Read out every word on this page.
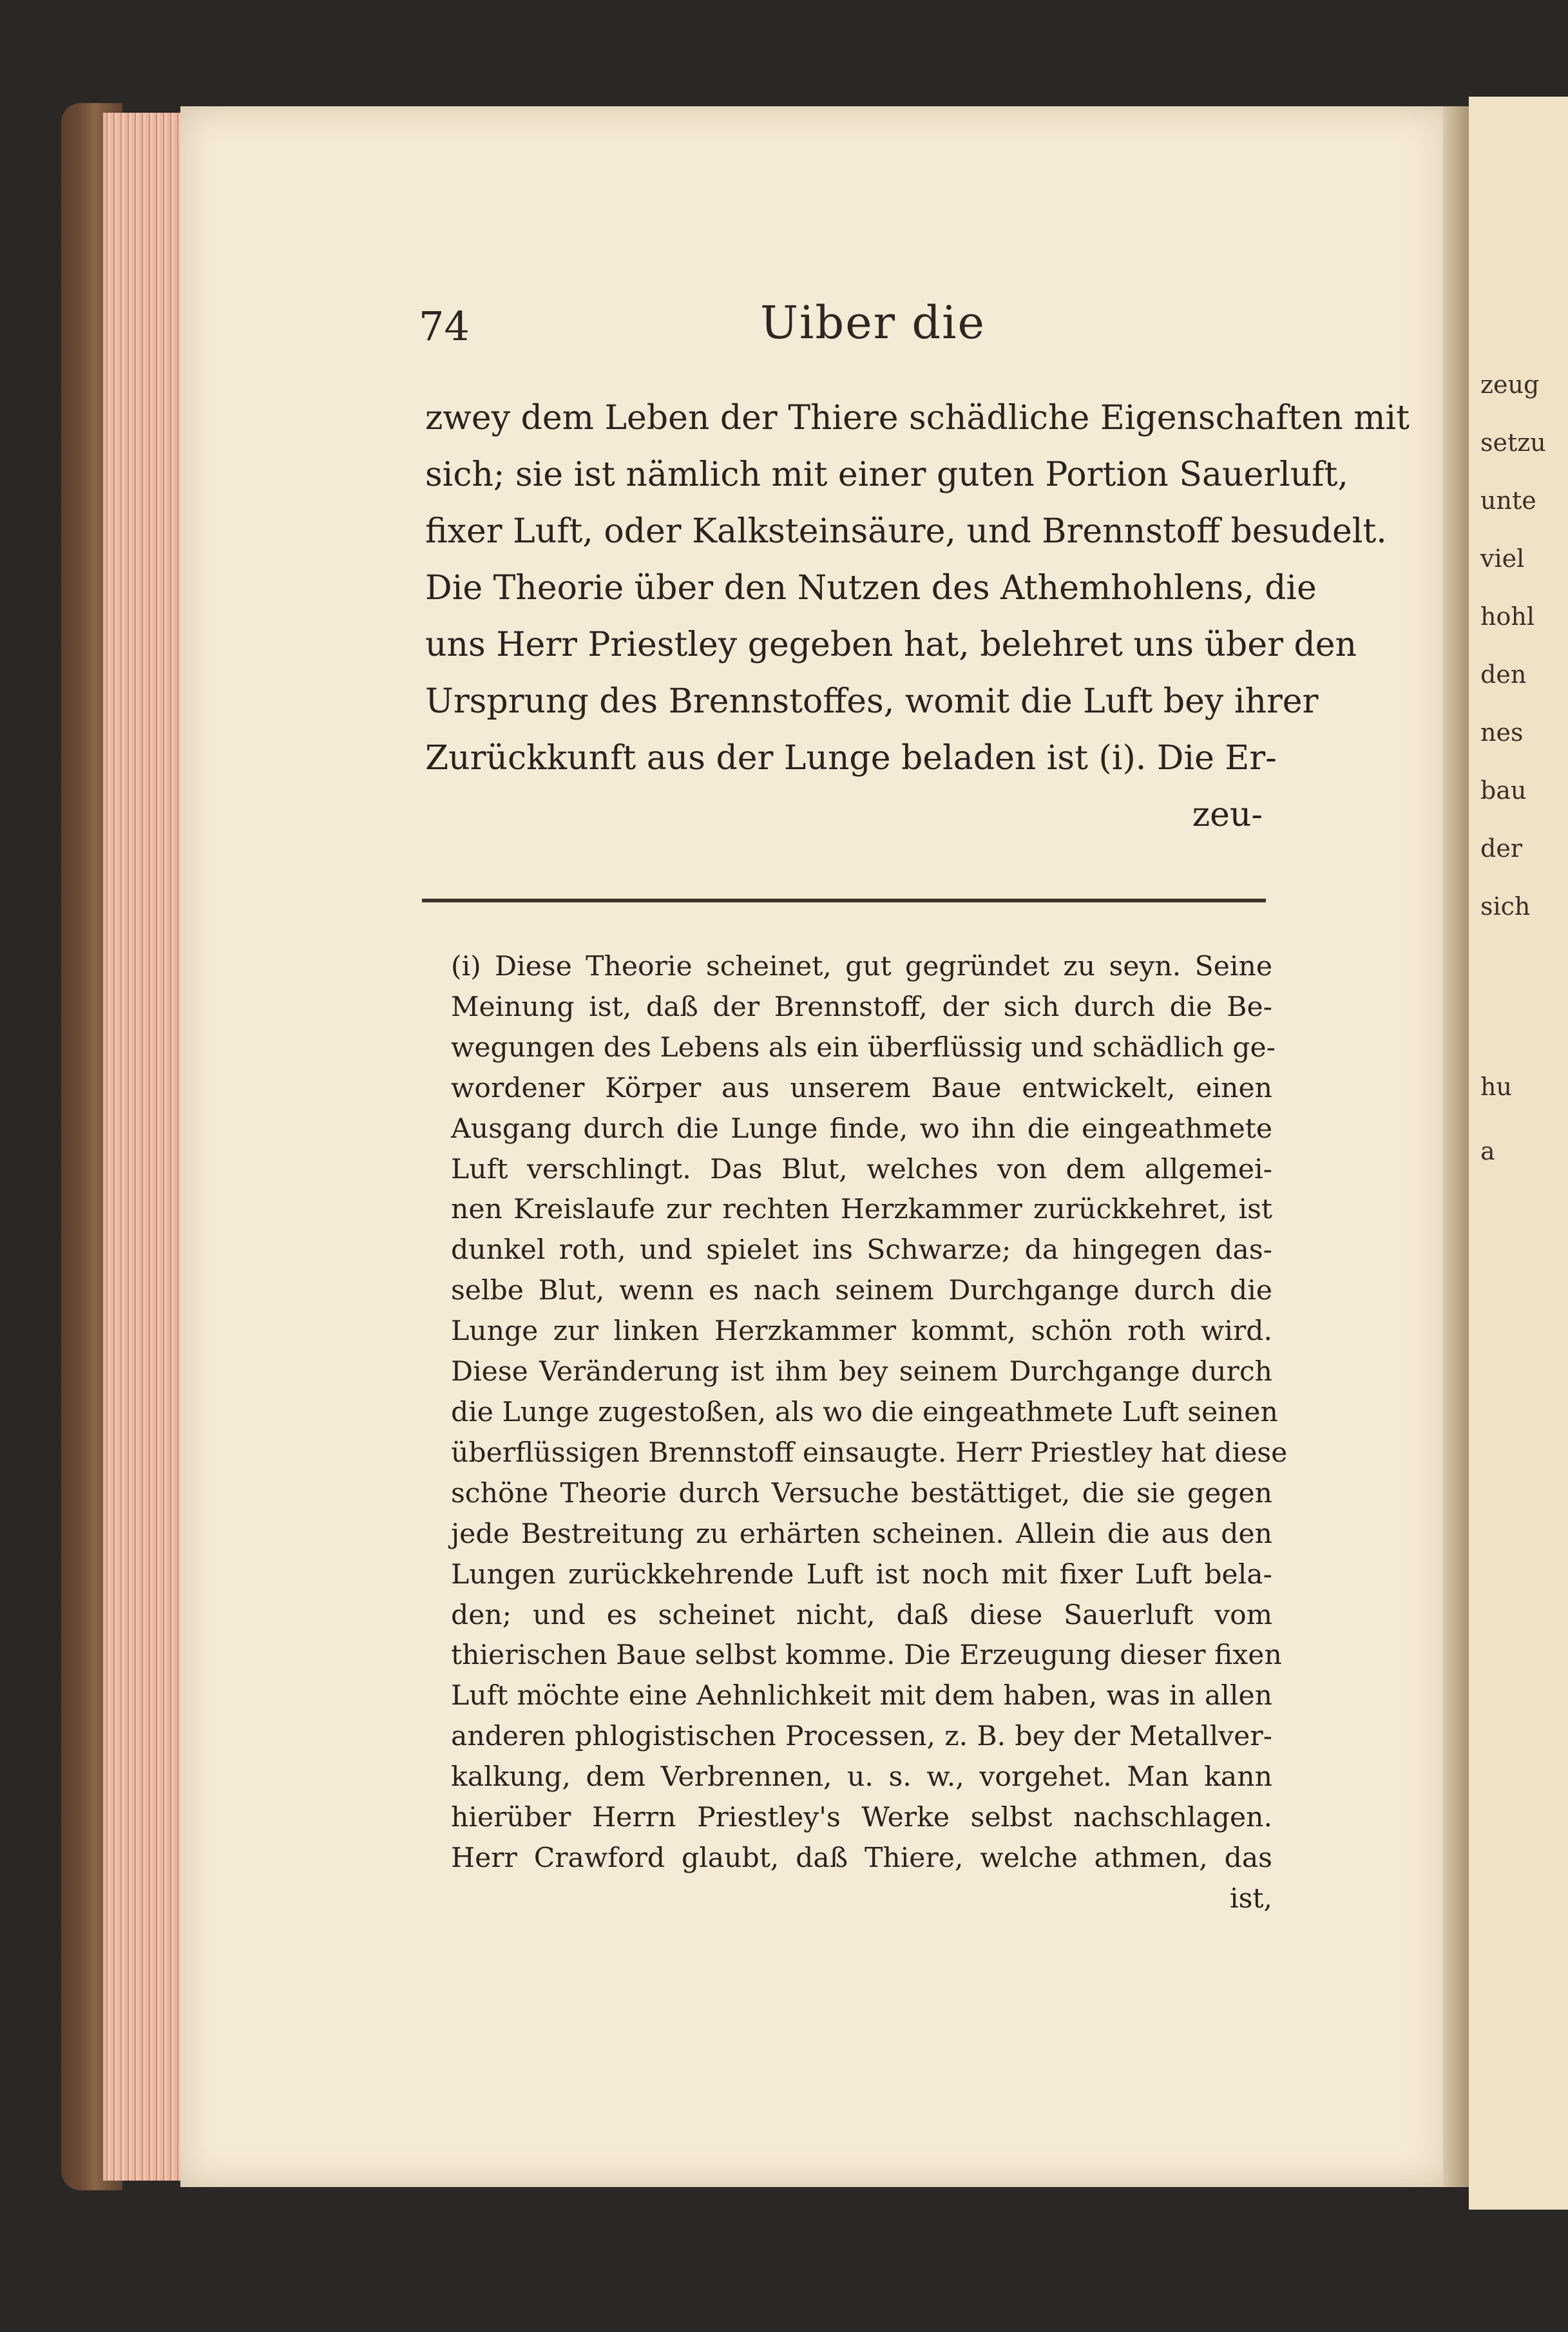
zeug
setzu
unte
viel
hohl
den
nes
bau
der
sich
hu
a
74	Uiber die
zwey dem Leben der Thiere schädliche Eigenschaften mit
sich; sie ist nämlich mit einer guten Portion Sauerluft,
fixer Luft, oder Kalksteinsäure, und Brennstoff besudelt.
Die Theorie über den Nutzen des Athemhohlens, die
uns Herr Priestley gegeben hat, belehret uns über den
Ursprung des Brennstoffes, womit die Luft bey ihrer
Zurückkunft aus der Lunge beladen ist (i). Die Er-
zeu-
(i) Diese Theorie scheinet, gut gegründet zu seyn. Seine
Meinung ist, daß der Brennstoff, der sich durch die Be-
wegungen des Lebens als ein überflüssig und schädlich ge-
wordener Körper aus unserem Baue entwickelt, einen
Ausgang durch die Lunge finde, wo ihn die eingeathmete
Luft verschlingt. Das Blut, welches von dem allgemei-
nen Kreislaufe zur rechten Herzkammer zurückkehret, ist
dunkel roth, und spielet ins Schwarze; da hingegen das-
selbe Blut, wenn es nach seinem Durchgange durch die
Lunge zur linken Herzkammer kommt, schön roth wird.
Diese Veränderung ist ihm bey seinem Durchgange durch
die Lunge zugestoßen, als wo die eingeathmete Luft seinen
überflüssigen Brennstoff einsaugte. Herr Priestley hat diese
schöne Theorie durch Versuche bestättiget, die sie gegen
jede Bestreitung zu erhärten scheinen. Allein die aus den
Lungen zurückkehrende Luft ist noch mit fixer Luft bela-
den; und es scheinet nicht, daß diese Sauerluft vom
thierischen Baue selbst komme. Die Erzeugung dieser fixen
Luft möchte eine Aehnlichkeit mit dem haben, was in allen
anderen phlogistischen Processen, z. B. bey der Metallver-
kalkung, dem Verbrennen, u. s. w., vorgehet. Man kann
hierüber Herrn Priestley's Werke selbst nachschlagen.
Herr Crawford glaubt, daß Thiere, welche athmen, das
ist,
